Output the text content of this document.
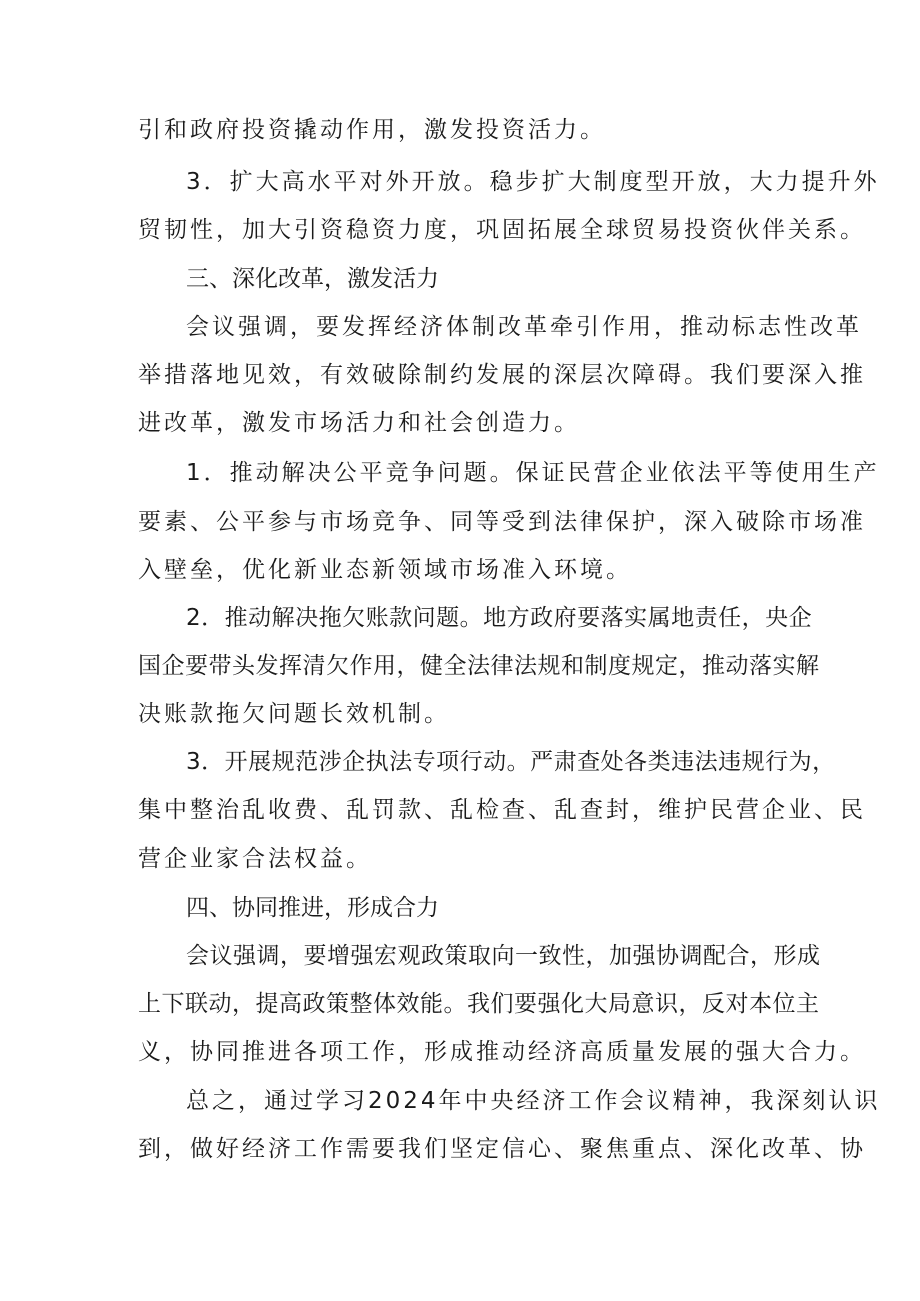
引和政府投资撬动作用，激发投资活力。
3．扩大高水平对外开放。稳步扩大制度型开放，大力提升外
贸韧性，加大引资稳资力度，巩固拓展全球贸易投资伙伴关系。
三、深化改革，激发活力
会议强调，要发挥经济体制改革牵引作用，推动标志性改革
举措落地见效，有效破除制约发展的深层次障碍。我们要深入推
进改革，激发市场活力和社会创造力。
1．推动解决公平竞争问题。保证民营企业依法平等使用生产
要素、公平参与市场竞争、同等受到法律保护，深入破除市场准
入壁垒，优化新业态新领域市场准入环境。
2．推动解决拖欠账款问题。地方政府要落实属地责任，央企
国企要带头发挥清欠作用，健全法律法规和制度规定，推动落实解
决账款拖欠问题长效机制。
3．开展规范涉企执法专项行动。严肃查处各类违法违规行为，
集中整治乱收费、乱罚款、乱检查、乱查封，维护民营企业、民
营企业家合法权益。
四、协同推进，形成合力
会议强调，要增强宏观政策取向一致性，加强协调配合，形成
上下联动，提高政策整体效能。我们要强化大局意识，反对本位主
义，协同推进各项工作，形成推动经济高质量发展的强大合力。
总之，通过学习2024年中央经济工作会议精神，我深刻认识
到，做好经济工作需要我们坚定信心、聚焦重点、深化改革、协
